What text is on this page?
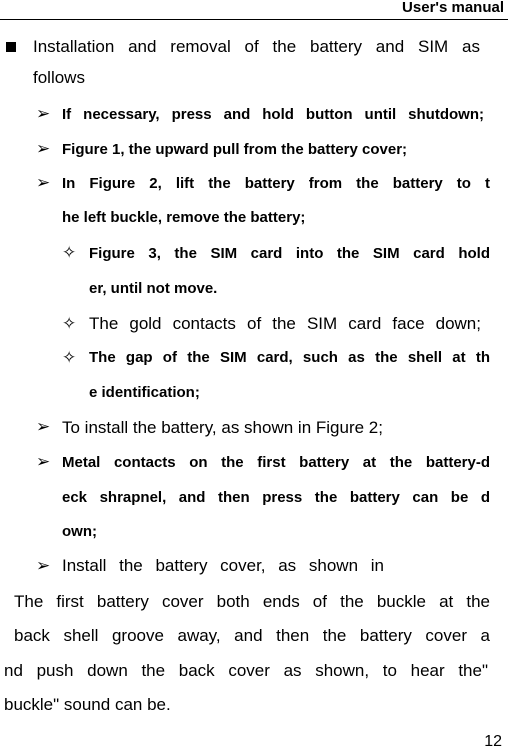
User's manual
Installation and removal of the battery and SIM as
follows
➢ If necessary, press and hold button until shutdown;
➢ Figure 1, the upward pull from the battery cover;
➢ In Figure 2, lift the battery from the battery to t
he left buckle, remove the battery;
✧ Figure 3, the SIM card into the SIM card hold
er, until not move.
✧ The gold contacts of the SIM card face down;
✧ The gap of the SIM card, such as the shell at th
e identification;
➢ To install the battery, as shown in Figure 2;
➢ Metal contacts on the first battery at the battery-d
eck shrapnel, and then press the battery can be d
own;
➢ Install the battery cover, as shown in
The first battery cover both ends of the buckle at the
back shell groove away, and then the battery cover a
nd push down the back cover as shown, to hear the"
buckle" sound can be.
12
